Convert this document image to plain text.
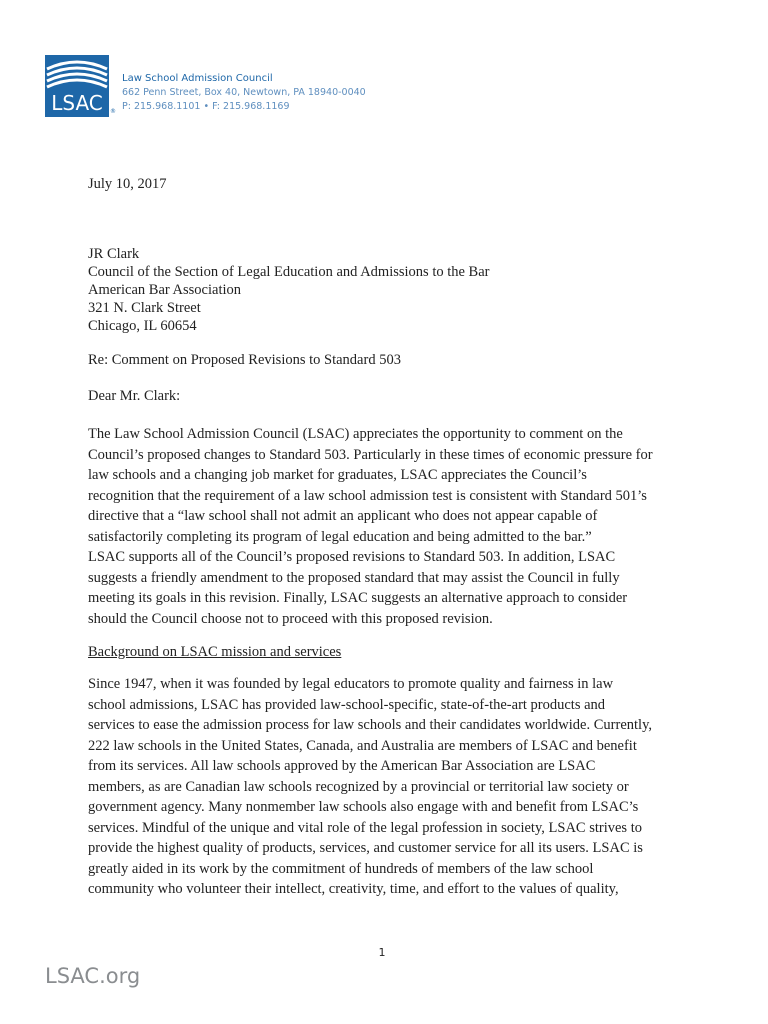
LSAC	®
Law School Admission Council
662 Penn Street, Box 40, Newtown, PA 18940-0040
P: 215.968.1101 • F: 215.968.1169
July 10, 2017

JR Clark

Council of the Section of Legal Education and Admissions to the Bar

American Bar Association

321 N. Clark Street

Chicago, IL 60654

Re: Comment on Proposed Revisions to Standard 503
Dear Mr. Clark:

The Law School Admission Council (LSAC) appreciates the opportunity to comment on the

Council’s proposed changes to Standard 503. Particularly in these times of economic pressure for

law schools and a changing job market for graduates, LSAC appreciates the Council’s

recognition that the requirement of a law school admission test is consistent with Standard 501’s

directive that a “law school shall not admit an applicant who does not appear capable of

satisfactorily completing its program of legal education and being admitted to the bar.”

LSAC supports all of the Council’s proposed revisions to Standard 503. In addition, LSAC

suggests a friendly amendment to the proposed standard that may assist the Council in fully

meeting its goals in this revision. Finally, LSAC suggests an alternative approach to consider

should the Council choose not to proceed with this proposed revision.

Background on LSAC mission and services

Since 1947, when it was founded by legal educators to promote quality and fairness in law

school admissions, LSAC has provided law-school-specific, state-of-the-art products and

services to ease the admission process for law schools and their candidates worldwide. Currently,

222 law schools in the United States, Canada, and Australia are members of LSAC and benefit

from its services. All law schools approved by the American Bar Association are LSAC

members, as are Canadian law schools recognized by a provincial or territorial law society or

government agency. Many nonmember law schools also engage with and benefit from LSAC’s

services. Mindful of the unique and vital role of the legal profession in society, LSAC strives to

provide the highest quality of products, services, and customer service for all its users. LSAC is

greatly aided in its work by the commitment of hundreds of members of the law school

community who volunteer their intellect, creativity, time, and effort to the values of quality,

1
LSAC.org
